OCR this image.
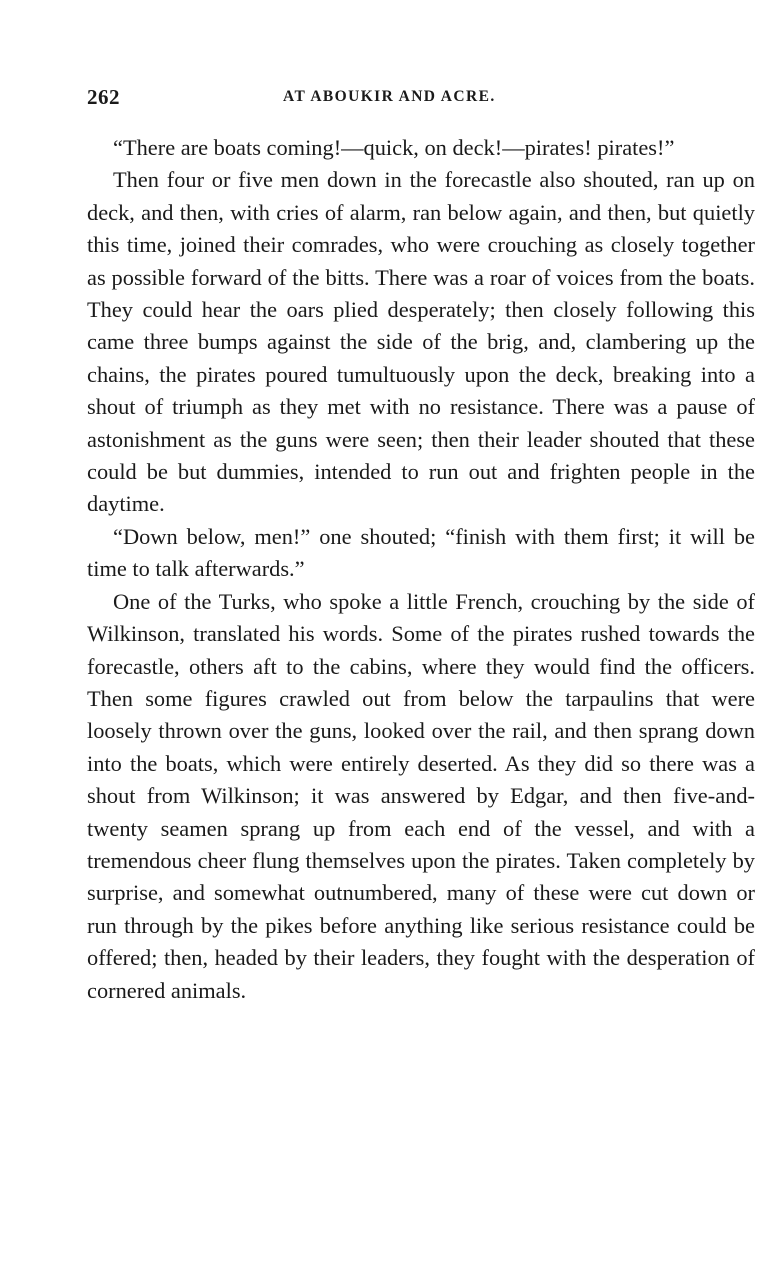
262	AT ABOUKIR AND ACRE.

“There are boats coming!—quick, on deck!—pirates! pirates!”

Then four or five men down in the forecastle also shouted, ran up on deck, and then, with cries of alarm, ran below again, and then, but quietly this time, joined their comrades, who were crouching as closely together as possible forward of the bitts. There was a roar of voices from the boats. They could hear the oars plied desperately; then closely following this came three bumps against the side of the brig, and, clambering up the chains, the pirates poured tumultuously upon the deck, breaking into a shout of triumph as they met with no resistance. There was a pause of astonishment as the guns were seen; then their leader shouted that these could be but dummies, intended to run out and frighten people in the daytime.

“Down below, men!” one shouted; “finish with them first; it will be time to talk afterwards.”

One of the Turks, who spoke a little French, crouching by the side of Wilkinson, translated his words. Some of the pirates rushed towards the forecastle, others aft to the cabins, where they would find the officers. Then some figures crawled out from below the tarpaulins that were loosely thrown over the guns, looked over the rail, and then sprang down into the boats, which were entirely deserted. As they did so there was a shout from Wilkinson; it was answered by Edgar, and then five-and-twenty seamen sprang up from each end of the vessel, and with a tremendous cheer flung themselves upon the pirates. Taken completely by surprise, and somewhat outnumbered, many of these were cut down or run through by the pikes before anything like serious resistance could be offered; then, headed by their leaders, they fought with the desperation of cornered animals.
